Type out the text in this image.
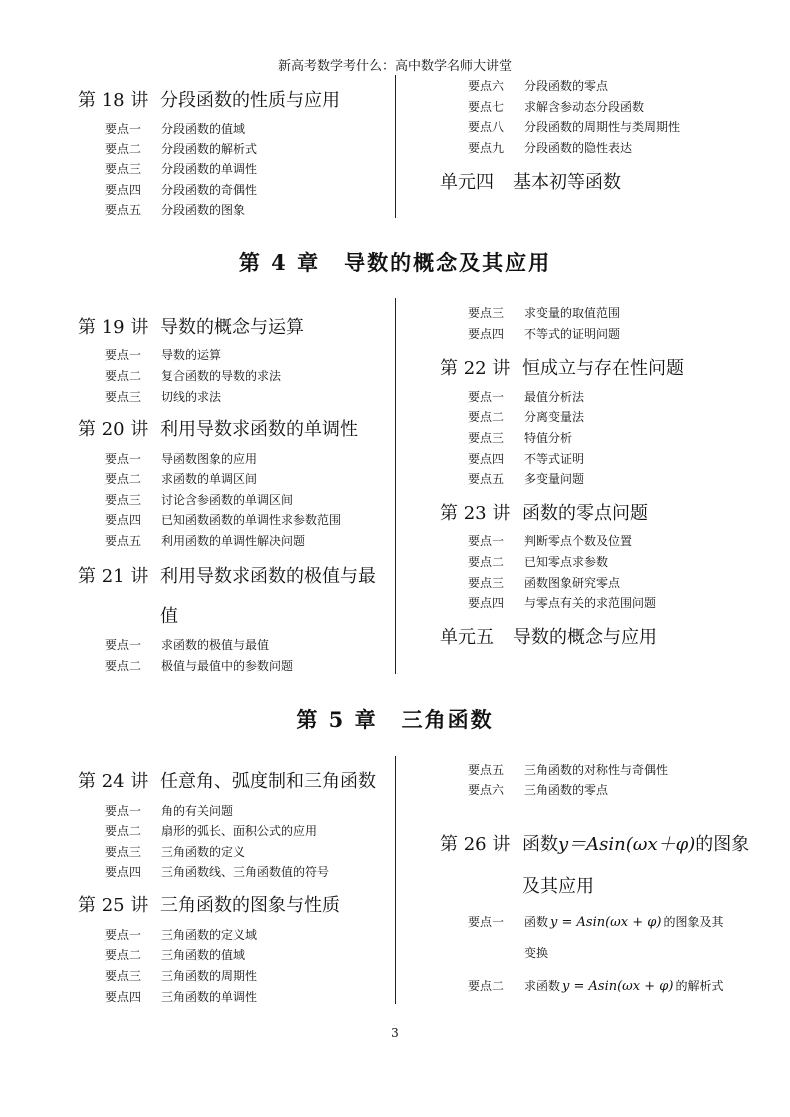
新高考数学考什么：高中数学名师大讲堂
第 18 讲 分段函数的性质与应用
要点一 分段函数的值域
要点二 分段函数的解析式
要点三 分段函数的单调性
要点四 分段函数的奇偶性
要点五 分段函数的图象
要点六 分段函数的零点
要点七 求解含参动态分段函数
要点八 分段函数的周期性与类周期性
要点九 分段函数的隐性表达
单元四 基本初等函数
第 4 章 导数的概念及其应用
第 19 讲 导数的概念与运算
要点一 导数的运算
要点二 复合函数的导数的求法
要点三 切线的求法
第 20 讲 利用导数求函数的单调性
要点一 导函数图象的应用
要点二 求函数的单调区间
要点三 讨论含参函数的单调区间
要点四 已知函数函数的单调性求参数范围
要点五 利用函数的单调性解决问题
第 21 讲 利用导数求函数的极值与最
值
要点一 求函数的极值与最值
要点二 极值与最值中的参数问题
要点三 求变量的取值范围
要点四 不等式的证明问题
第 22 讲 恒成立与存在性问题
要点一 最值分析法
要点二 分离变量法
要点三 特值分析
要点四 不等式证明
要点五 多变量问题
第 23 讲 函数的零点问题
要点一 判断零点个数及位置
要点二 已知零点求参数
要点三 函数图象研究零点
要点四 与零点有关的求范围问题
单元五 导数的概念与应用
第 5 章 三角函数
第 24 讲 任意角、弧度制和三角函数
要点一 角的有关问题
要点二 扇形的弧长、面积公式的应用
要点三 三角函数的定义
要点四 三角函数线、三角函数值的符号
第 25 讲 三角函数的图象与性质
要点一 三角函数的定义域
要点二 三角函数的值域
要点三 三角函数的周期性
要点四 三角函数的单调性
要点五 三角函数的对称性与奇偶性
要点六 三角函数的零点
第 26 讲 函数y＝Asin(ωx＋φ)的图象
及其应用
要点一 函数 y = Asin(ωx + φ) 的图象及其
变换
要点二 求函数 y = Asin(ωx + φ) 的解析式
3
